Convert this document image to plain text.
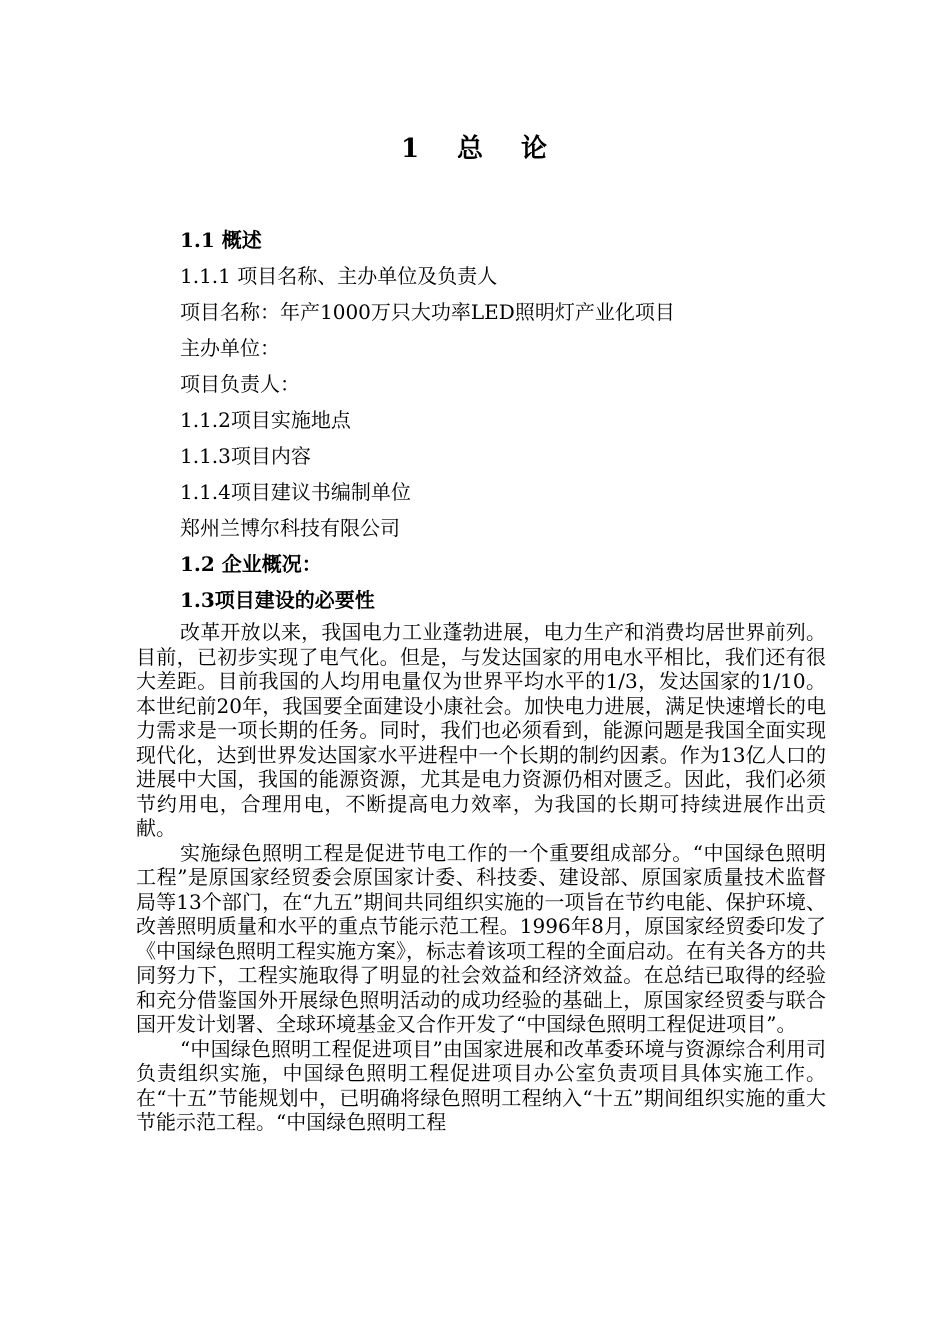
1 总 论
1.1 概述
1.1.1 项目名称、主办单位及负责人
项目名称：年产1000万只大功率LED照明灯产业化项目
主办单位：
项目负责人：
1.1.2项目实施地点
1.1.3项目内容
1.1.4项目建议书编制单位
郑州兰博尔科技有限公司
1.2 企业概况：
1.3项目建设的必要性

改革开放以来，我国电力工业蓬勃进展，电力生产和消费均居世界前列。目前，已初步实现了电气化。但是，与发达国家的用电水平相比，我们还有很大差距。目前我国的人均用电量仅为世界平均水平的1/3，发达国家的1/10。本世纪前20年，我国要全面建设小康社会。加快电力进展，满足快速增长的电力需求是一项长期的任务。同时，我们也必须看到，能源问题是我国全面实现现代化，达到世界发达国家水平进程中一个长期的制约因素。作为13亿人口的进展中大国，我国的能源资源，尤其是电力资源仍相对匮乏。因此，我们必须节约用电，合理用电，不断提高电力效率，为我国的长期可持续进展作出贡献。

实施绿色照明工程是促进节电工作的一个重要组成部分。“中国绿色照明工程”是原国家经贸委会原国家计委、科技委、建设部、原国家质量技术监督局等13个部门，在“九五”期间共同组织实施的一项旨在节约电能、保护环境、改善照明质量和水平的重点节能示范工程。1996年8月，原国家经贸委印发了《中国绿色照明工程实施方案》，标志着该项工程的全面启动。在有关各方的共同努力下，工程实施取得了明显的社会效益和经济效益。在总结已取得的经验和充分借鉴国外开展绿色照明活动的成功经验的基础上，原国家经贸委与联合国开发计划署、全球环境基金又合作开发了“中国绿色照明工程促进项目”。

“中国绿色照明工程促进项目”由国家进展和改革委环境与资源综合利用司负责组织实施，中国绿色照明工程促进项目办公室负责项目具体实施工作。在“十五”节能规划中，已明确将绿色照明工程纳入“十五”期间组织实施的重大节能示范工程。“中国绿色照明工程
